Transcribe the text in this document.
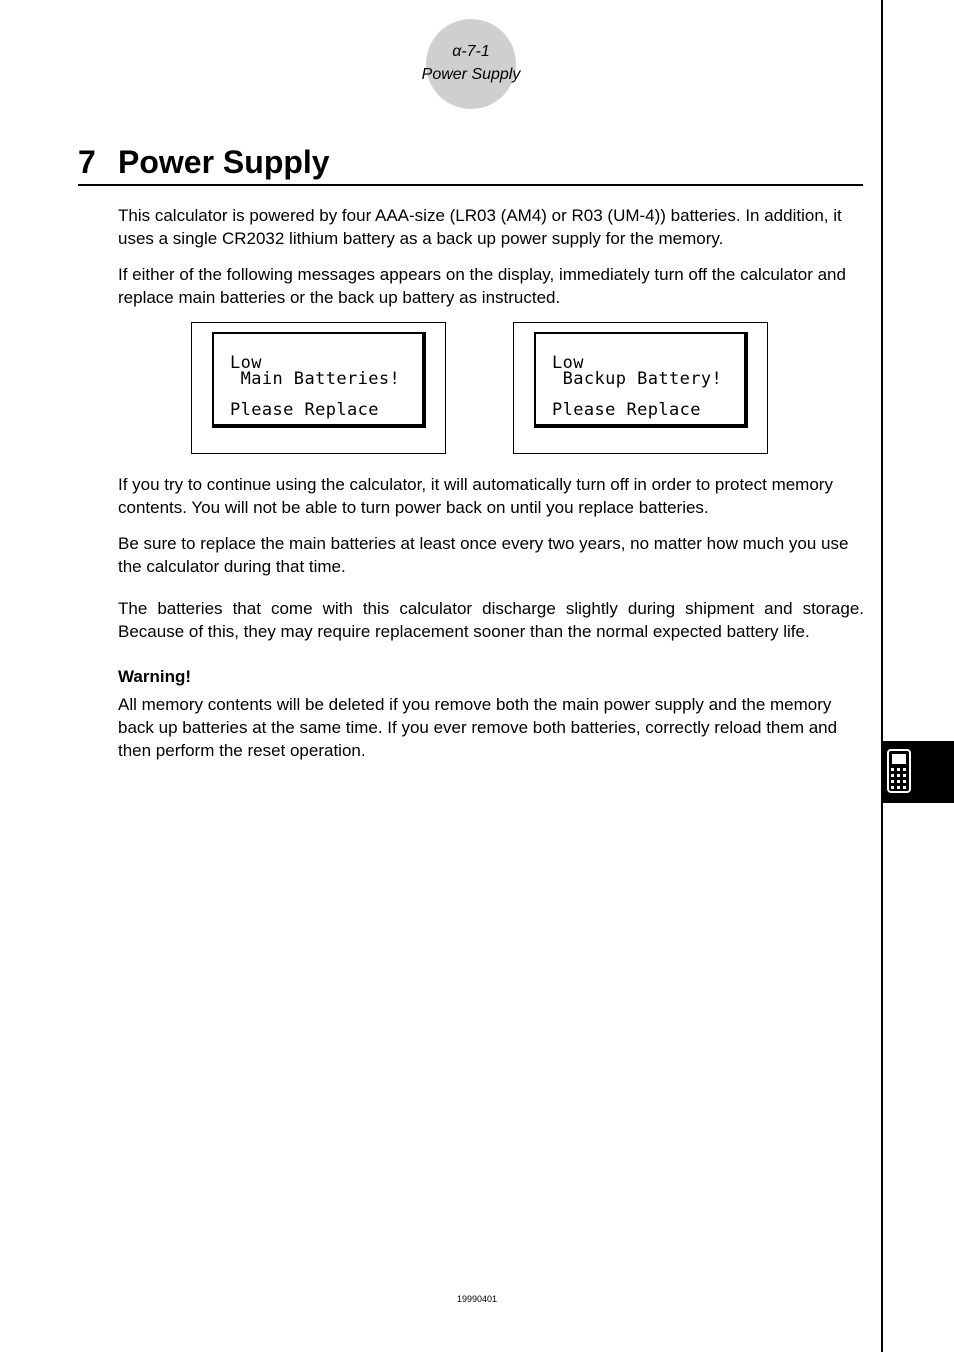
α-7-1
Power Supply
7 Power Supply

This calculator is powered by four AAA-size (LR03 (AM4) or R03 (UM-4)) batteries. In addition, it uses a single CR2032 lithium battery as a back up power supply for the memory.

If either of the following messages appears on the display, immediately turn off the calculator and replace main batteries or the back up battery as instructed.

Low
Main Batteries!
Please Replace
Low
Backup Battery!
Please Replace

If you try to continue using the calculator, it will automatically turn off in order to protect memory contents. You will not be able to turn power back on until you replace batteries.

Be sure to replace the main batteries at least once every two years, no matter how much you use the calculator during that time.

The batteries that come with this calculator discharge slightly during shipment and storage. Because of this, they may require replacement sooner than the normal expected battery life.

Warning!

All memory contents will be deleted if you remove both the main power supply and the memory back up batteries at the same time. If you ever remove both batteries, correctly reload them and then perform the reset operation.

19990401
